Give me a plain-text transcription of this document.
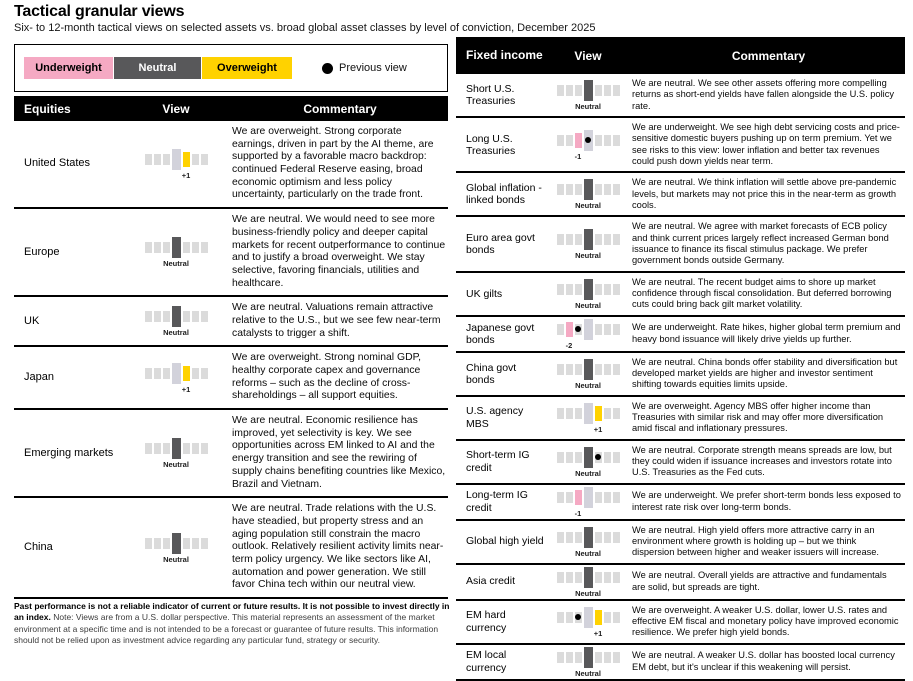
Tactical granular views
Six- to 12-month tactical views on selected assets vs. broad global asset classes by level of conviction, December 2025
Underweight	Neutral	Overweight	Previous view
Equities	View	Commentary
United States
+1
We are overweight. Strong corporate earnings, driven in part by the AI theme, are supported by a favorable macro backdrop: continued Federal Reserve easing, broad economic optimism and less policy uncertainty, particularly on the trade front.
Europe
Neutral
We are neutral. We would need to see more business-friendly policy and deeper capital markets for recent outperformance to continue and to justify a broad overweight. We stay selective, favoring financials, utilities and healthcare.
UK
Neutral
We are neutral. Valuations remain attractive relative to the U.S., but we see few near-term catalysts to trigger a shift.
Japan
+1
We are overweight. Strong nominal GDP, healthy corporate capex and governance reforms – such as the decline of cross-shareholdings – all support equities.
Emerging markets
Neutral
We are neutral. Economic resilience has improved, yet selectivity is key. We see opportunities across EM linked to AI and the energy transition and see the rewiring of supply chains benefiting countries like Mexico, Brazil and Vietnam.
China
Neutral
We are neutral. Trade relations with the U.S. have steadied, but property stress and an aging population still constrain the macro outlook. Relatively resilient activity limits near-term policy urgency. We like sectors like AI, automation and power generation. We still favor China tech within our neutral view.
Fixed income	View	Commentary
Short U.S. Treasuries	Neutral
We are neutral. We see other assets offering more compelling returns as short-end yields have fallen alongside the U.S. policy rate.
Long U.S. Treasuries	-1
We are underweight. We see high debt servicing costs and price-sensitive domestic buyers pushing up on term premium. Yet we see risks to this view: lower inflation and better tax revenues could push down yields near term.
Global inflation - linked bonds	Neutral
We are neutral. We think inflation will settle above pre-pandemic levels, but markets may not price this in the near-term as growth cools.
Euro area govt bonds	Neutral
We are neutral. We agree with market forecasts of ECB policy and think current prices largely reflect increased German bond issuance to finance its fiscal stimulus package. We prefer government bonds outside Germany.
UK gilts
Neutral
We are neutral. The recent budget aims to shore up market confidence through fiscal consolidation. But deferred borrowing cuts could bring back gilt market volatility.
Japanese govt bonds	-2
We are underweight. Rate hikes, higher global term premium and heavy bond issuance will likely drive yields up further.
China govt bonds	Neutral
We are neutral. China bonds offer stability and diversification but developed market yields are higher and investor sentiment shifting towards equities limits upside.
U.S. agency MBS	+1
We are overweight. Agency MBS offer higher income than Treasuries with similar risk and may offer more diversification amid fiscal and inflationary pressures.
Short-term IG credit	Neutral
We are neutral. Corporate strength means spreads are low, but they could widen if issuance increases and investors rotate into U.S. Treasuries as the Fed cuts.
Long-term IG credit	-1
We are underweight. We prefer short-term bonds less exposed to interest rate risk over long-term bonds.
Global high yield
Neutral
We are neutral. High yield offers more attractive carry in an environment where growth is holding up – but we think dispersion between higher and weaker issuers will increase.
Asia credit
Neutral
We are neutral. Overall yields are attractive and fundamentals are solid, but spreads are tight.
EM hard currency	+1
We are overweight. A weaker U.S. dollar, lower U.S. rates and effective EM fiscal and monetary policy have improved economic resilience. We prefer high yield bonds.
EM local currency	Neutral
We are neutral. A weaker U.S. dollar has boosted local currency EM debt, but it's unclear if this weakening will persist.
Past performance is not a reliable indicator of current or future results. It is not possible to invest directly in an index. Note: Views are from a U.S. dollar perspective. This material represents an assessment of the market environment at a specific time and is not intended to be a forecast or guarantee of future results. This information should not be relied upon as investment advice regarding any particular fund, strategy or security.
